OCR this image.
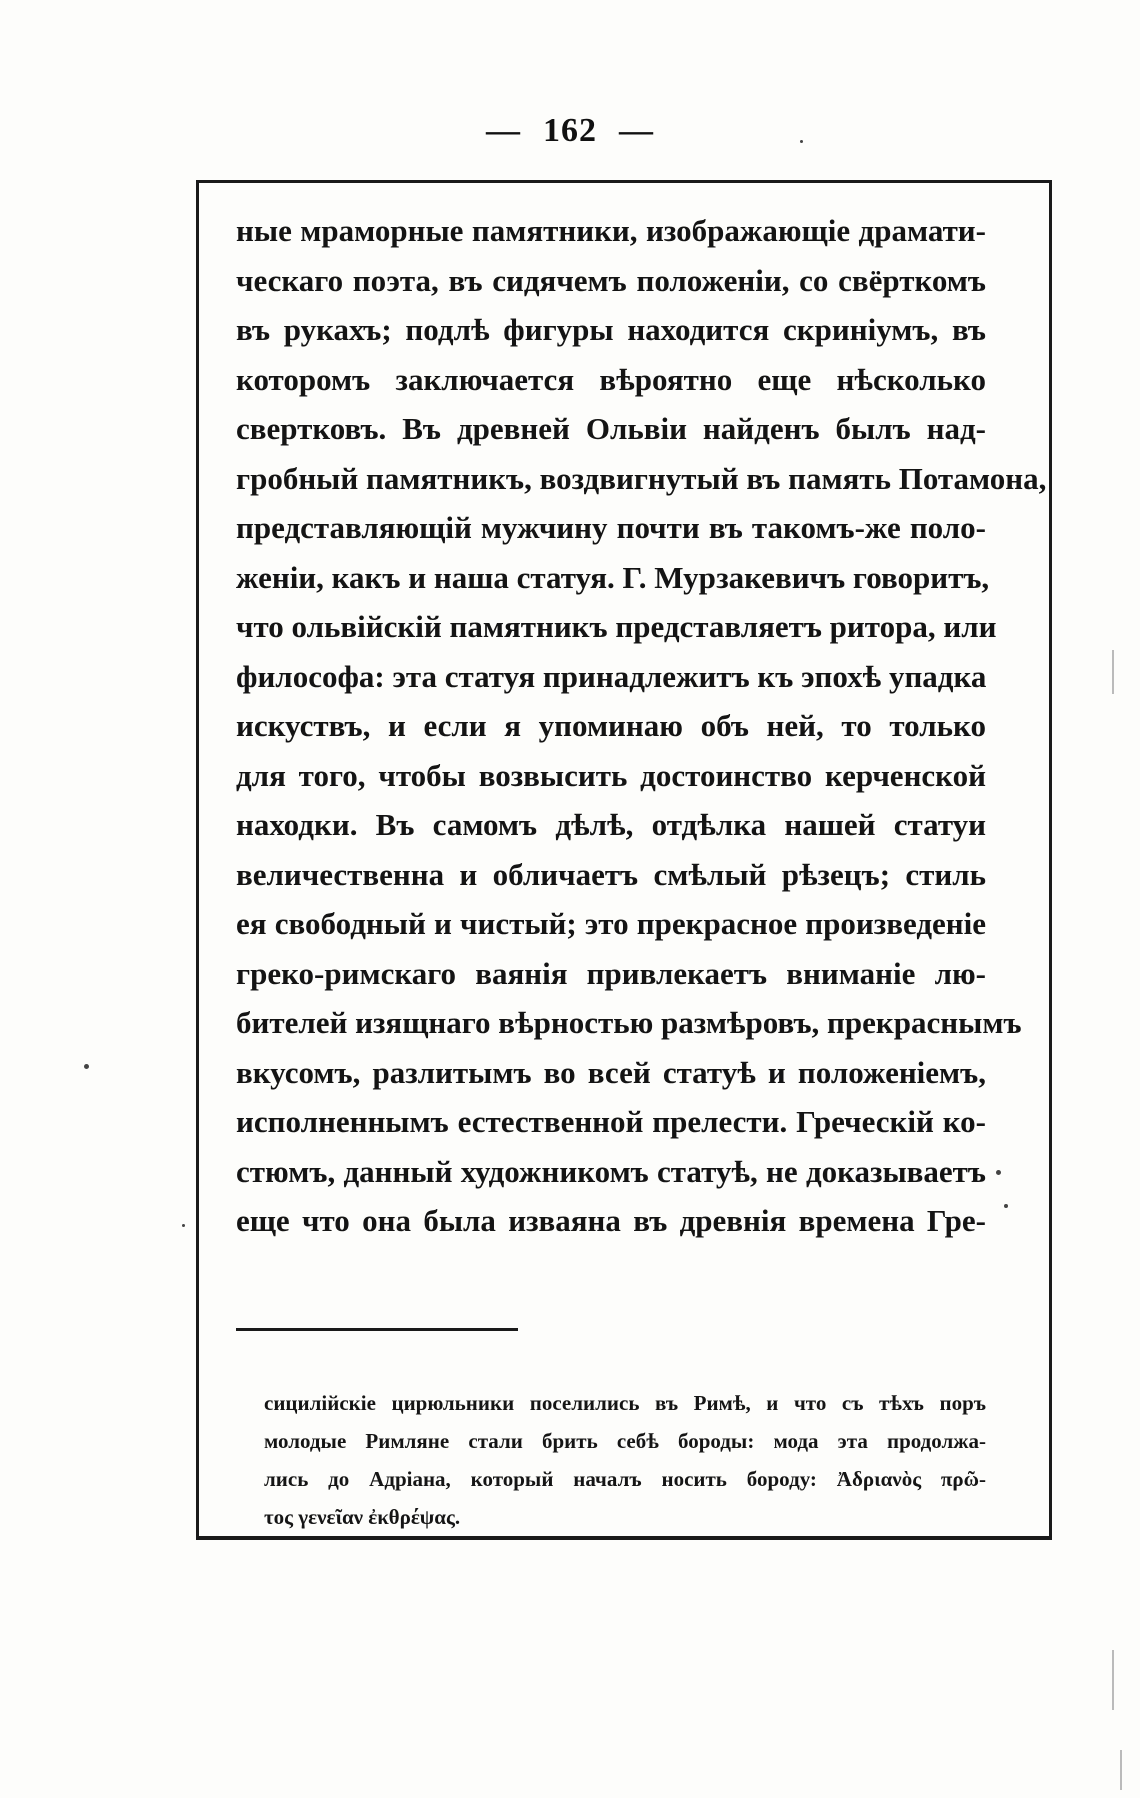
— 162 —
ные мраморные памятники, изображающіе драмати-
ческаго поэта, въ сидячемъ положеніи, со свёрткомъ
въ рукахъ; подлѣ фигуры находится скриніумъ, въ
которомъ заключается вѣроятно еще нѣсколько
свертковъ. Въ древней Ольвіи найденъ былъ над-
гробный памятникъ, воздвигнутый въ память Потамона,
представляющій мужчину почти въ такомъ-же поло-
женіи, какъ и наша статуя. Г. Мурзакевичъ говоритъ,
что ольвійскій памятникъ представляетъ ритора, или
философа: эта статуя принадлежитъ къ эпохѣ упадка
искуствъ, и если я упоминаю объ ней, то только
для того, чтобы возвысить достоинство керченской
находки. Въ самомъ дѣлѣ, отдѣлка нашей статуи
величественна и обличаетъ смѣлый рѣзецъ; стиль
ея свободный и чистый; это прекрасное произведеніе
греко-римскаго ваянія привлекаетъ вниманіе лю-
бителей изящнаго вѣрностью размѣровъ, прекраснымъ
вкусомъ, разлитымъ во всей статуѣ и положеніемъ,
исполненнымъ естественной прелести. Греческій ко-
стюмъ, данный художникомъ статуѣ, не доказываетъ
еще что она была изваяна въ древнія времена Гре-
сицилійскіе цирюльники поселились въ Римѣ, и что съ тѣхъ поръ
молодые Римляне стали брить себѣ бороды: мода эта продолжа-
лись до Адріана, который началъ носить бороду: Ἀδριανὸς πρῶ-
τος γενεῖαν ἐκθρέψας.
